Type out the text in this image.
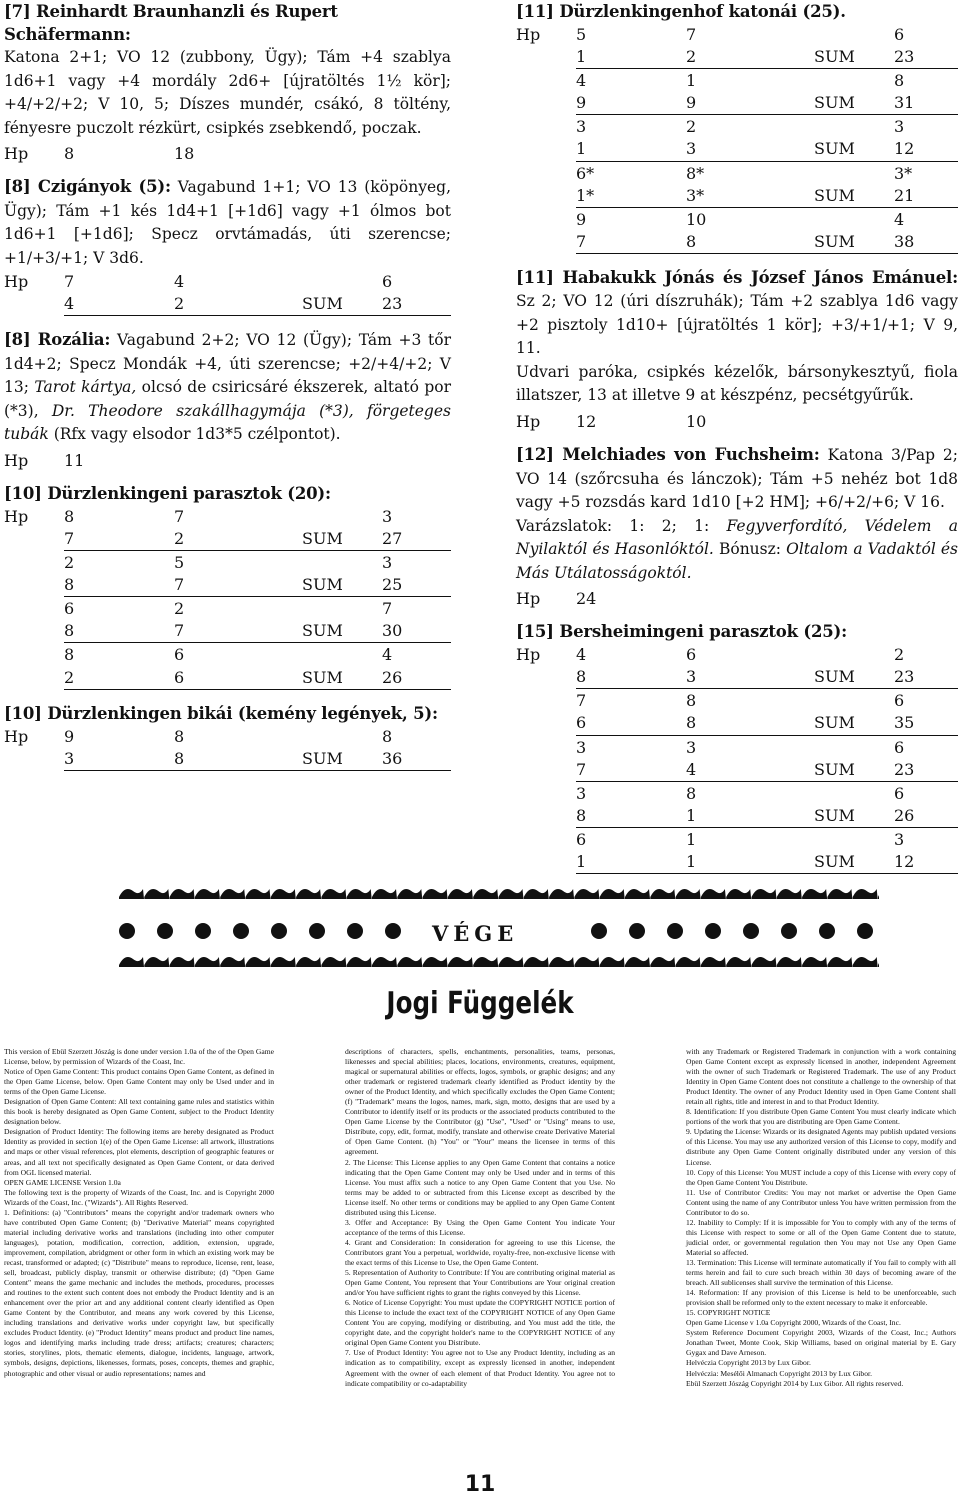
[7] Reinhardt Braunhanzli és Rupert Schäfermann:
Katona 2+1; VO 12 (zubbony, Ügy); Tám +4 szablya 1d6+1 vagy +4 mordály 2d6+ [újratöltés 1½ kör]; +4/+2/+2; V 10, 5; Díszes mundér, csákó, 8 töltény, fényesre puczolt rézkürt, csipkés zsebkendő, poczak.
Hp	8	18
[8] Czigányok (5): Vagabund 1+1; VO 13 (köpönyeg, Ügy); Tám +1 kés 1d4+1 [+1d6] vagy +1 ólmos bot 1d6+1 [+1d6]; Specz orvtámadás, úti szerencse; +1/+3/+1; V 3d6.
Hp	7	4	6
4	2	SUM	23
[8] Rozália: Vagabund 2+2; VO 12 (Ügy); Tám +3 tőr 1d4+2; Specz Mondák +4, úti szerencse; +2/+4/+2; V 13; Tarot kártya, olcsó de csiricsáré ékszerek, altató por (*3), Dr. Theodore szakállhagymája (*3), förgeteges tubák (Rfx vagy elsodor 1d3*5 czélpontot).
Hp	11
[10] Dürzlenkingeni parasztok (20):
Hp	8	7	3
7	2	SUM	27
2	5	3
8	7	SUM	25
6	2	7
8	7	SUM	30
8	6	4
2	6	SUM	26
[10] Dürzlenkingen bikái (kemény legények, 5):
Hp	9	8	8
3	8	SUM	36
[11] Dürzlenkingenhof katonái (25).
Hp	5	7	6
1	2	SUM	23
4	1	8
9	9	SUM	31
3	2	3
1	3	SUM	12
6*	8*	3*
1*	3*	SUM	21
9	10	4
7	8	SUM	38
[11] Habakukk Jónás és József János Emánuel: Sz 2; VO 12 (úri díszruhák); Tám +2 szablya 1d6 vagy +2 pisztoly 1d10+ [újratöltés 1 kör]; +3/+1/+1; V 9, 11.
Udvari paróka, csipkés kézelők, bársonykesztyű, fiola illatszer, 13 at illetve 9 at készpénz, pecsétgyűrűk.
Hp	12	10
[12] Melchiades von Fuchsheim: Katona 3/Pap 2; VO 14 (szőrcsuha és lánczok); Tám +5 nehéz bot 1d8 vagy +5 rozsdás kard 1d10 [+2 HM]; +6/+2/+6; V 16.
Varázslatok: 1: 2; 1: Fegyverfordító, Védelem a Nyilaktól és Hasonlóktól. Bónusz: Oltalom a Vadaktól és Más Utálatosságoktól.
Hp	24
[15] Bersheimingeni parasztok (25):
Hp	4	6	2
8	3	SUM	23
7	8	6
6	8	SUM	35
3	3	6
7	4	SUM	23
3	8	6
8	1	SUM	26
6	1	3
1	1	SUM	12
VÉGE
Jogi Függelék

This version of Ebül Szerzett Jószág is done under version 1.0a of the of the Open Game License, below, by permission of Wizards of the Coast, Inc.

Notice of Open Game Content: This product contains Open Game Content, as defined in the Open Game License, below. Open Game Content may only be Used under and in terms of the Open Game License.

Designation of Open Game Content: All text containing game rules and statistics within this book is hereby designated as Open Game Content, subject to the Product Identity designation below.

Designation of Product Identity: The following items are hereby designated as Product Identity as provided in section 1(e) of the Open Game License: all artwork, illustrations and maps or other visual references, plot elements, description of geographic features or areas, and all text not specifically designated as Open Game Content, or data derived from OGL licensed material.

OPEN GAME LICENSE Version 1.0a

The following text is the property of Wizards of the Coast, Inc. and is Copyright 2000 Wizards of the Coast, Inc. ("Wizards"). All Rights Reserved.

1. Definitions: (a) "Contributors" means the copyright and/or trademark owners who have contributed Open Game Content; (b) "Derivative Material" means copyrighted material including derivative works and translations (including into other computer languages), potation, modification, correction, addition, extension, upgrade, improvement, compilation, abridgment or other form in which an existing work may be recast, transformed or adapted; (c) "Distribute" means to reproduce, license, rent, lease, sell, broadcast, publicly display, transmit or otherwise distribute; (d) "Open Game Content" means the game mechanic and includes the methods, procedures, processes and routines to the extent such content does not embody the Product Identity and is an enhancement over the prior art and any additional content clearly identified as Open Game Content by the Contributor, and means any work covered by this License, including translations and derivative works under copyright law, but specifically excludes Product Identity. (e) "Product Identity" means product and product line names, logos and identifying marks including trade dress; artifacts; creatures; characters; stories, storylines, plots, thematic elements, dialogue, incidents, language, artwork, symbols, designs, depictions, likenesses, formats, poses, concepts, themes and graphic, photographic and other visual or audio representations; names and

descriptions of characters, spells, enchantments, personalities, teams, personas, likenesses and special abilities; places, locations, environments, creatures, equipment, magical or supernatural abilities or effects, logos, symbols, or graphic designs; and any other trademark or registered trademark clearly identified as Product identity by the owner of the Product Identity, and which specifically excludes the Open Game Content; (f) "Trademark" means the logos, names, mark, sign, motto, designs that are used by a Contributor to identify itself or its products or the associated products contributed to the Open Game License by the Contributor (g) "Use", "Used" or "Using" means to use, Distribute, copy, edit, format, modify, translate and otherwise create Derivative Material of Open Game Content. (h) "You" or "Your" means the licensee in terms of this agreement.

2. The License: This License applies to any Open Game Content that contains a notice indicating that the Open Game Content may only be Used under and in terms of this License. You must affix such a notice to any Open Game Content that you Use. No terms may be added to or subtracted from this License except as described by the License itself. No other terms or conditions may be applied to any Open Game Content distributed using this License.

3. Offer and Acceptance: By Using the Open Game Content You indicate Your acceptance of the terms of this License.

4. Grant and Consideration: In consideration for agreeing to use this License, the Contributors grant You a perpetual, worldwide, royalty-free, non-exclusive license with the exact terms of this License to Use, the Open Game Content.

5. Representation of Authority to Contribute: If You are contributing original material as Open Game Content, You represent that Your Contributions are Your original creation and/or You have sufficient rights to grant the rights conveyed by this License.

6. Notice of License Copyright: You must update the COPYRIGHT NOTICE portion of this License to include the exact text of the COPYRIGHT NOTICE of any Open Game Content You are copying, modifying or distributing, and You must add the title, the copyright date, and the copyright holder's name to the COPYRIGHT NOTICE of any original Open Game Content you Distribute.

7. Use of Product Identity: You agree not to Use any Product Identity, including as an indication as to compatibility, except as expressly licensed in another, independent Agreement with the owner of each element of that Product Identity. You agree not to indicate compatibility or co-adaptability

with any Trademark or Registered Trademark in conjunction with a work containing Open Game Content except as expressly licensed in another, independent Agreement with the owner of such Trademark or Registered Trademark. The use of any Product Identity in Open Game Content does not constitute a challenge to the ownership of that Product Identity. The owner of any Product Identity used in Open Game Content shall retain all rights, title and interest in and to that Product Identity.

8. Identification: If you distribute Open Game Content You must clearly indicate which portions of the work that you are distributing are Open Game Content.

9. Updating the License: Wizards or its designated Agents may publish updated versions of this License. You may use any authorized version of this License to copy, modify and distribute any Open Game Content originally distributed under any version of this License.

10. Copy of this License: You MUST include a copy of this License with every copy of the Open Game Content You Distribute.

11. Use of Contributor Credits: You may not market or advertise the Open Game Content using the name of any Contributor unless You have written permission from the Contributor to do so.

12. Inability to Comply: If it is impossible for You to comply with any of the terms of this License with respect to some or all of the Open Game Content due to statute, judicial order, or governmental regulation then You may not Use any Open Game Material so affected.

13. Termination: This License will terminate automatically if You fail to comply with all terms herein and fail to cure such breach within 30 days of becoming aware of the breach. All sublicenses shall survive the termination of this License.

14. Reformation: If any provision of this License is held to be unenforceable, such provision shall be reformed only to the extent necessary to make it enforceable.

15. COPYRIGHT NOTICE

Open Game License v 1.0a Copyright 2000, Wizards of the Coast, Inc.

System Reference Document Copyright 2003, Wizards of the Coast, Inc.; Authors Jonathan Tweet, Monte Cook, Skip Williams, based on original material by E. Gary Gygax and Dave Arneson.

Helvéczia Copyright 2013 by Lux Gibor.

Helvéczia: Mesélői Almanach Copyright 2013 by Lux Gibor.

Ebül Szerzett Jószág Copyright 2014 by Lux Gibor. All rights reserved.

11
